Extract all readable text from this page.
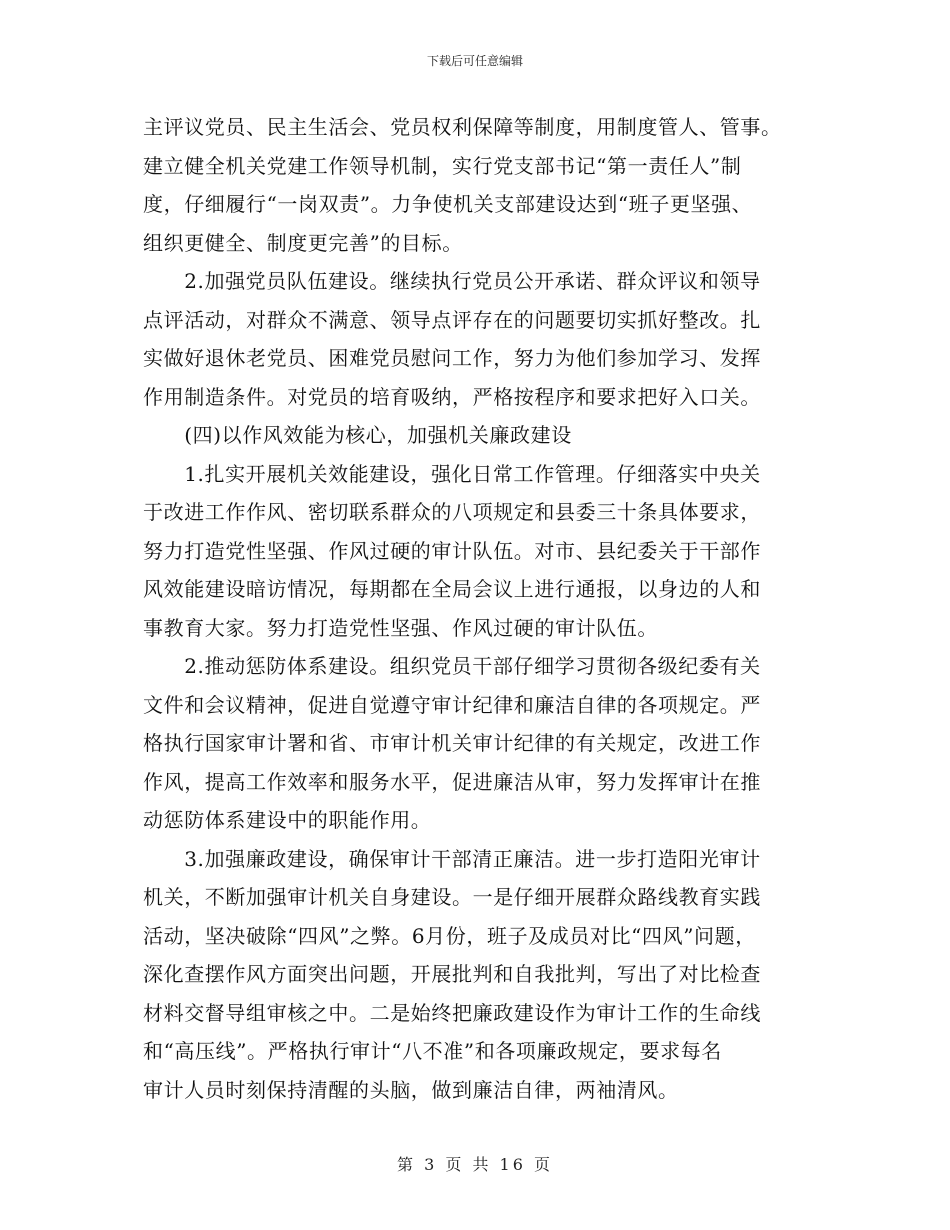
下载后可任意编辑
主评议党员、民主生活会、党员权利保障等制度，用制度管人、管事。
建立健全机关党建工作领导机制，实行党支部书记“第一责任人”制
度，仔细履行“一岗双责”。力争使机关支部建设达到“班子更坚强、
组织更健全、制度更完善”的目标。
　　2.加强党员队伍建设。继续执行党员公开承诺、群众评议和领导
点评活动，对群众不满意、领导点评存在的问题要切实抓好整改。扎
实做好退休老党员、困难党员慰问工作，努力为他们参加学习、发挥
作用制造条件。对党员的培育吸纳，严格按程序和要求把好入口关。
　　(四)以作风效能为核心，加强机关廉政建设
　　1.扎实开展机关效能建设，强化日常工作管理。仔细落实中央关
于改进工作作风、密切联系群众的八项规定和县委三十条具体要求，
努力打造党性坚强、作风过硬的审计队伍。对市、县纪委关于干部作
风效能建设暗访情况，每期都在全局会议上进行通报，以身边的人和
事教育大家。努力打造党性坚强、作风过硬的审计队伍。
　　2.推动惩防体系建设。组织党员干部仔细学习贯彻各级纪委有关
文件和会议精神，促进自觉遵守审计纪律和廉洁自律的各项规定。严
格执行国家审计署和省、市审计机关审计纪律的有关规定，改进工作
作风，提高工作效率和服务水平，促进廉洁从审，努力发挥审计在推
动惩防体系建设中的职能作用。
　　3.加强廉政建设，确保审计干部清正廉洁。进一步打造阳光审计
机关，不断加强审计机关自身建设。一是仔细开展群众路线教育实践
活动，坚决破除“四风”之弊。6月份，班子及成员对比“四风”问题，
深化查摆作风方面突出问题，开展批判和自我批判，写出了对比检查
材料交督导组审核之中。二是始终把廉政建设作为审计工作的生命线
和“高压线”。严格执行审计“八不准”和各项廉政规定，要求每名
审计人员时刻保持清醒的头脑，做到廉洁自律，两袖清风。
第 3 页 共 16 页
